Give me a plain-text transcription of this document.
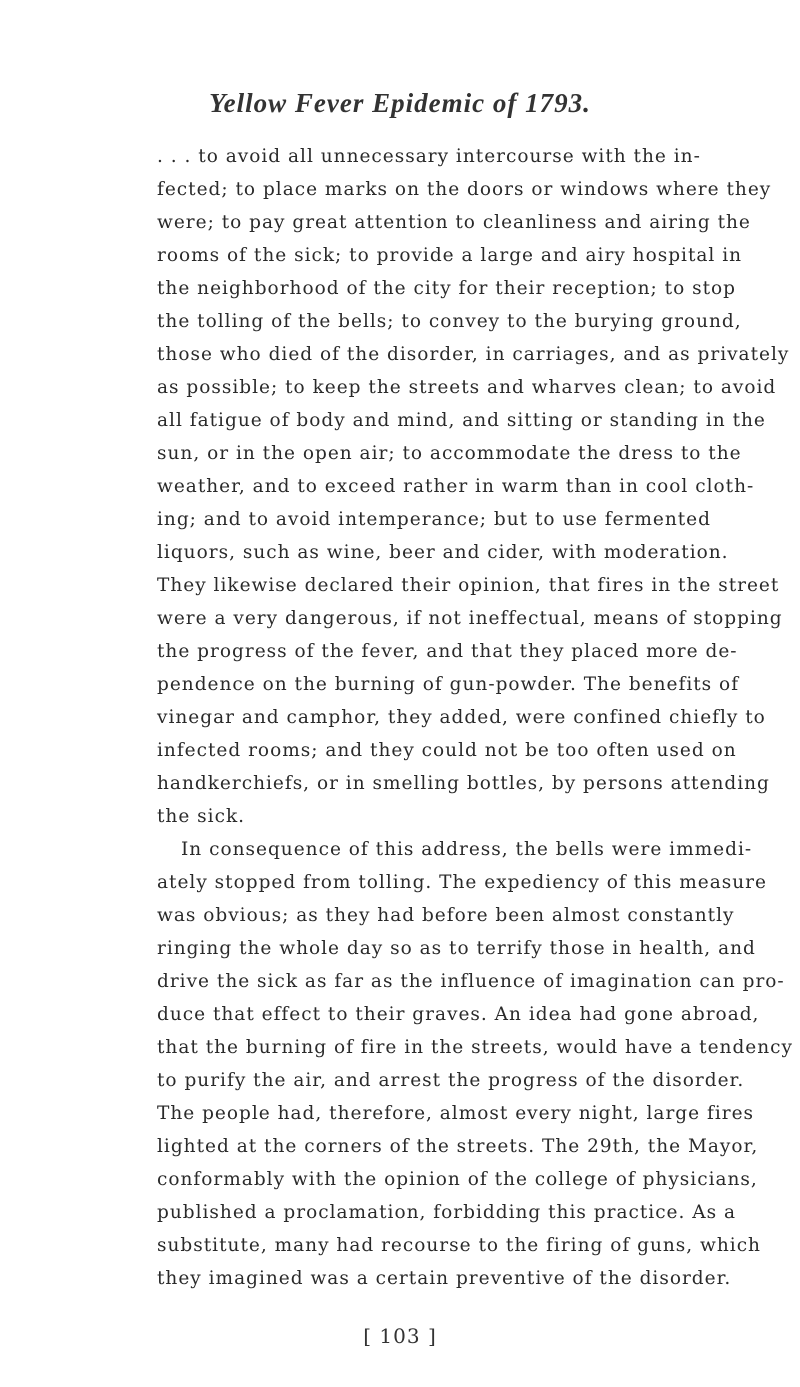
Yellow Fever Epidemic of 1793.
. . . to avoid all unnecessary intercourse with the in-
fected; to place marks on the doors or windows where they
were; to pay great attention to cleanliness and airing the
rooms of the sick; to provide a large and airy hospital in
the neighborhood of the city for their reception; to stop
the tolling of the bells; to convey to the burying ground,
those who died of the disorder, in carriages, and as privately
as possible; to keep the streets and wharves clean; to avoid
all fatigue of body and mind, and sitting or standing in the
sun, or in the open air; to accommodate the dress to the
weather, and to exceed rather in warm than in cool cloth-
ing; and to avoid intemperance; but to use fermented
liquors, such as wine, beer and cider, with moderation.
They likewise declared their opinion, that fires in the street
were a very dangerous, if not ineffectual, means of stopping
the progress of the fever, and that they placed more de-
pendence on the burning of gun-powder. The benefits of
vinegar and camphor, they added, were confined chiefly to
infected rooms; and they could not be too often used on
handkerchiefs, or in smelling bottles, by persons attending
the sick.
In consequence of this address, the bells were immedi-
ately stopped from tolling. The expediency of this measure
was obvious; as they had before been almost constantly
ringing the whole day so as to terrify those in health, and
drive the sick as far as the influence of imagination can pro-
duce that effect to their graves. An idea had gone abroad,
that the burning of fire in the streets, would have a tendency
to purify the air, and arrest the progress of the disorder.
The people had, therefore, almost every night, large fires
lighted at the corners of the streets. The 29th, the Mayor,
conformably with the opinion of the college of physicians,
published a proclamation, forbidding this practice. As a
substitute, many had recourse to the firing of guns, which
they imagined was a certain preventive of the disorder.

[ 103 ]
